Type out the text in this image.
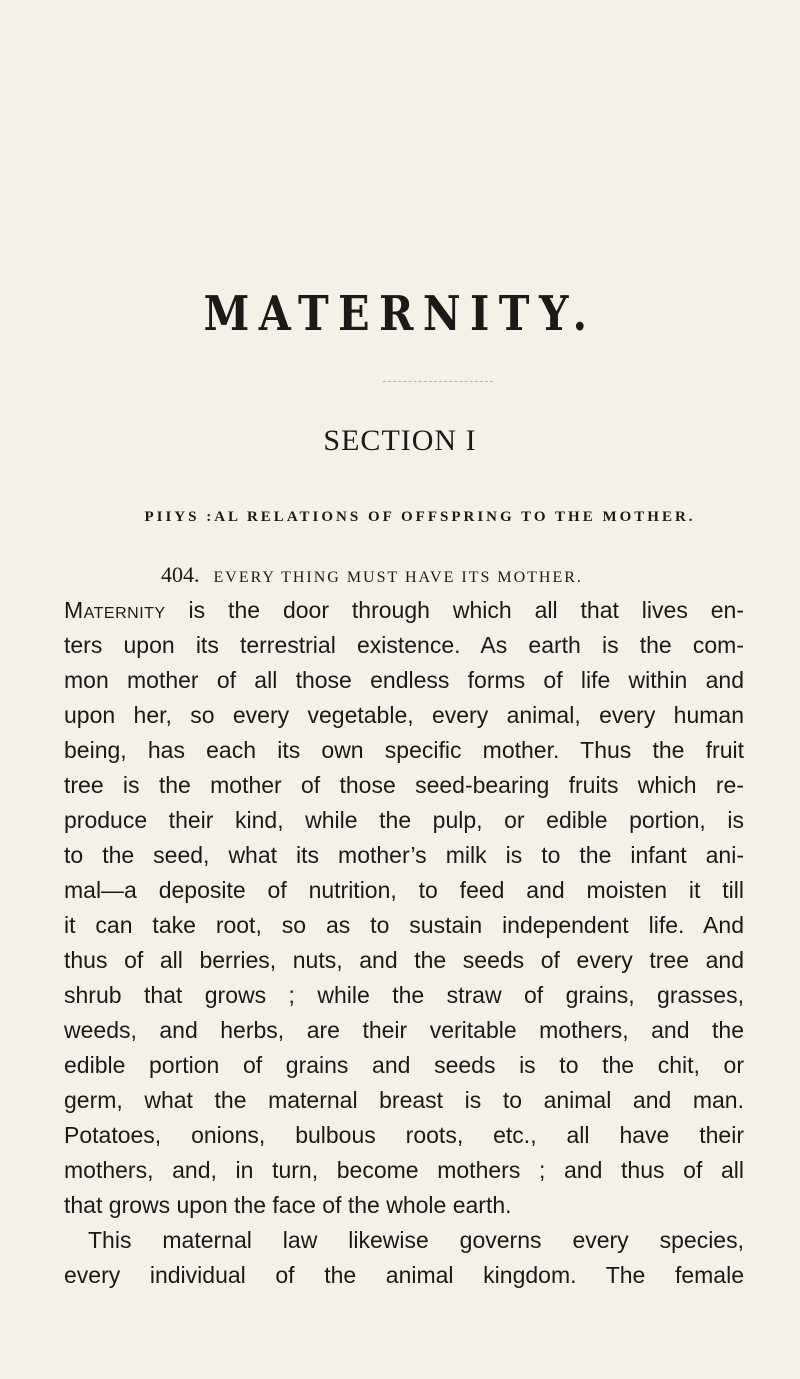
MATERNITY.
SECTION I
PIIYS :AL RELATIONS OF OFFSPRING TO THE MOTHER.
404. EVERY THING MUST HAVE ITS MOTHER.
Maternity is the door through which all that lives en-
ters upon its terrestrial existence. As earth is the com-
mon mother of all those endless forms of life within and
upon her, so every vegetable, every animal, every human
being, has each its own specific mother. Thus the fruit
tree is the mother of those seed-bearing fruits which re-
produce their kind, while the pulp, or edible portion, is
to the seed, what its mother’s milk is to the infant ani-
mal—a deposite of nutrition, to feed and moisten it till
it can take root, so as to sustain independent life. And
thus of all berries, nuts, and the seeds of every tree and
shrub that grows ; while the straw of grains, grasses,
weeds, and herbs, are their veritable mothers, and the
edible portion of grains and seeds is to the chit, or
germ, what the maternal breast is to animal and man.
Potatoes, onions, bulbous roots, etc., all have their
mothers, and, in turn, become mothers ; and thus of all
that grows upon the face of the whole earth.
This maternal law likewise governs every species,
every individual of the animal kingdom. The female
